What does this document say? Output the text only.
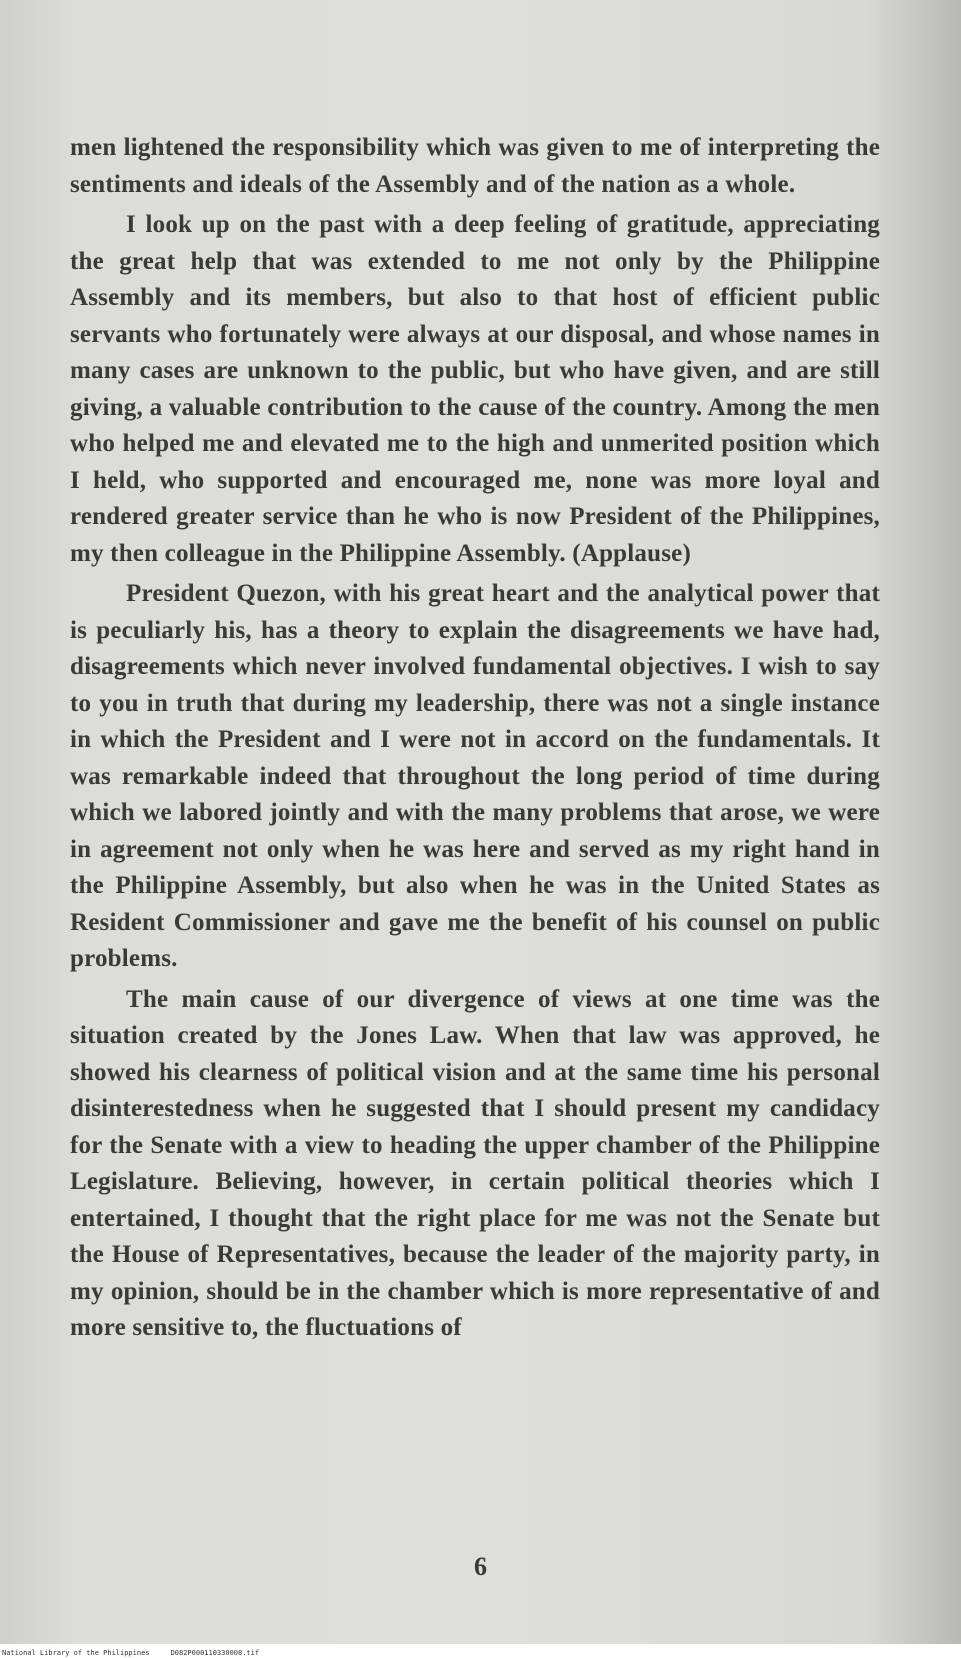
men lightened the responsibility which was given to me of interpreting the sentiments and ideals of the Assembly and of the nation as a whole.

I look up on the past with a deep feeling of gratitude, appreciating the great help that was extended to me not only by the Philippine Assembly and its members, but also to that host of efficient public servants who fortunately were always at our disposal, and whose names in many cases are unknown to the public, but who have given, and are still giving, a valuable contribution to the cause of the country. Among the men who helped me and elevated me to the high and unmerited position which I held, who supported and encouraged me, none was more loyal and rendered greater service than he who is now President of the Philippines, my then colleague in the Philippine Assembly. (Applause)

President Quezon, with his great heart and the analytical power that is peculiarly his, has a theory to explain the disagreements we have had, disagreements which never involved fundamental objectives. I wish to say to you in truth that during my leadership, there was not a single instance in which the President and I were not in accord on the fundamentals. It was remarkable indeed that throughout the long period of time during which we labored jointly and with the many problems that arose, we were in agreement not only when he was here and served as my right hand in the Philippine Assembly, but also when he was in the United States as Resident Commissioner and gave me the benefit of his counsel on public problems.

The main cause of our divergence of views at one time was the situation created by the Jones Law. When that law was approved, he showed his clearness of political vision and at the same time his personal disinterestedness when he suggested that I should present my candidacy for the Senate with a view to heading the upper chamber of the Philippine Legislature. Believing, however, in certain political theories which I entertained, I thought that the right place for me was not the Senate but the House of Representatives, because the leader of the majority party, in my opinion, should be in the chamber which is more representative of and more sensitive to, the fluctuations of

6
National Library of the Philippines     D082P000110330008.tif
